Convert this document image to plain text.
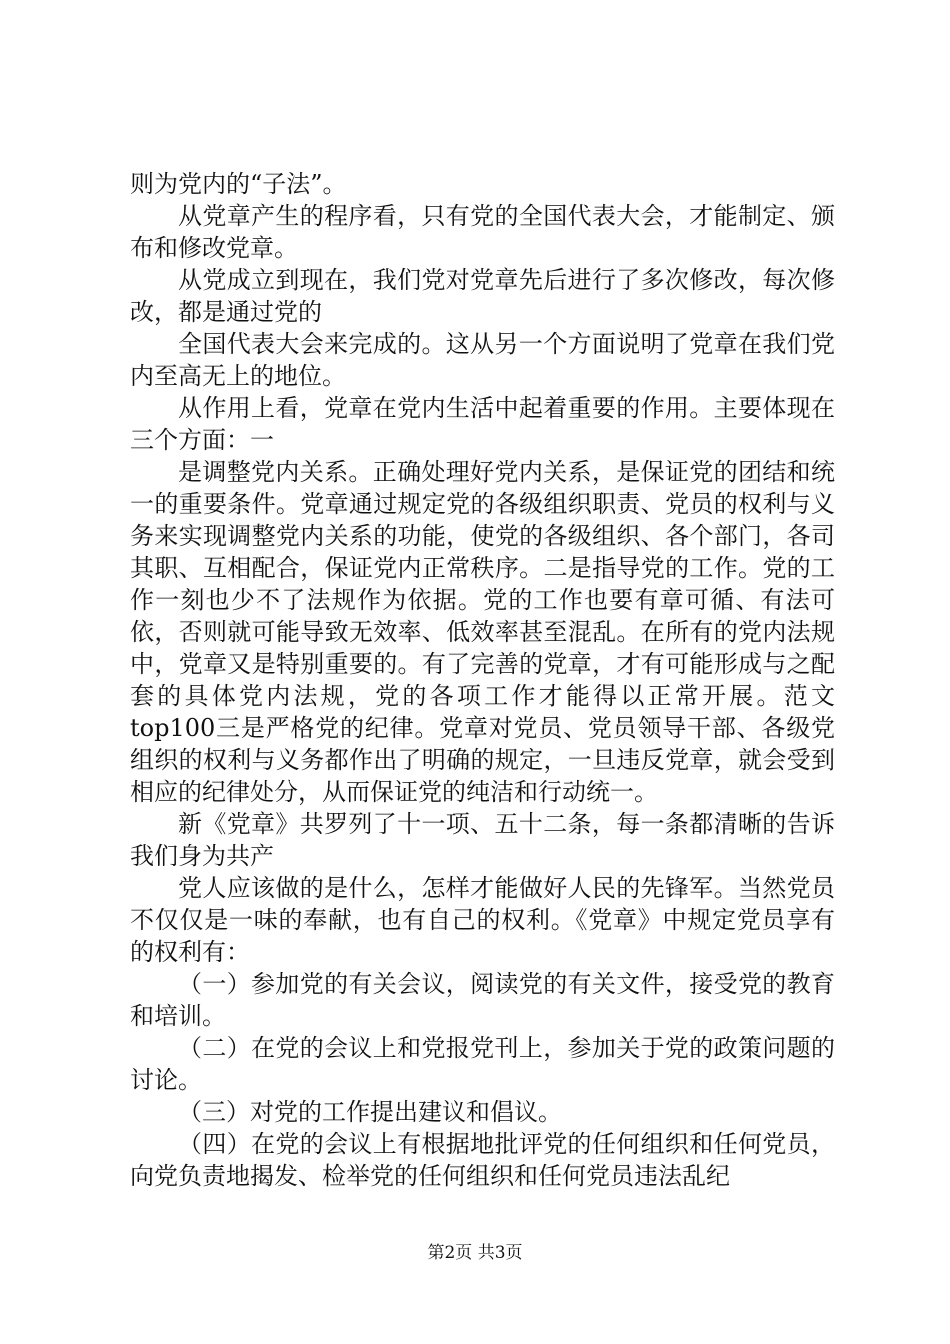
则为党内的“子法”。

从党章产生的程序看，只有党的全国代表大会，才能制定、颁布和修改党章。

从党成立到现在，我们党对党章先后进行了多次修改，每次修改，都是通过党的

全国代表大会来完成的。这从另一个方面说明了党章在我们党内至高无上的地位。

从作用上看，党章在党内生活中起着重要的作用。主要体现在三个方面：一

是调整党内关系。正确处理好党内关系，是保证党的团结和统一的重要条件。党章通过规定党的各级组织职责、党员的权利与义务来实现调整党内关系的功能，使党的各级组织、各个部门，各司其职、互相配合，保证党内正常秩序。二是指导党的工作。党的工作一刻也少不了法规作为依据。党的工作也要有章可循、有法可依，否则就可能导致无效率、低效率甚至混乱。在所有的党内法规中，党章又是特别重要的。有了完善的党章，才有可能形成与之配套的具体党内法规，党的各项工作才能得以正常开展。范文top100三是严格党的纪律。党章对党员、党员领导干部、各级党组织的权利与义务都作出了明确的规定，一旦违反党章，就会受到相应的纪律处分，从而保证党的纯洁和行动统一。

新《党章》共罗列了十一项、五十二条，每一条都清晰的告诉我们身为共产

党人应该做的是什么，怎样才能做好人民的先锋军。当然党员不仅仅是一味的奉献，也有自己的权利。《党章》中规定党员享有的权利有：

（一）参加党的有关会议，阅读党的有关文件，接受党的教育和培训。

（二）在党的会议上和党报党刊上，参加关于党的政策问题的讨论。

（三）对党的工作提出建议和倡议。

（四）在党的会议上有根据地批评党的任何组织和任何党员，向党负责地揭发、检举党的任何组织和任何党员违法乱纪

第2页 共3页
